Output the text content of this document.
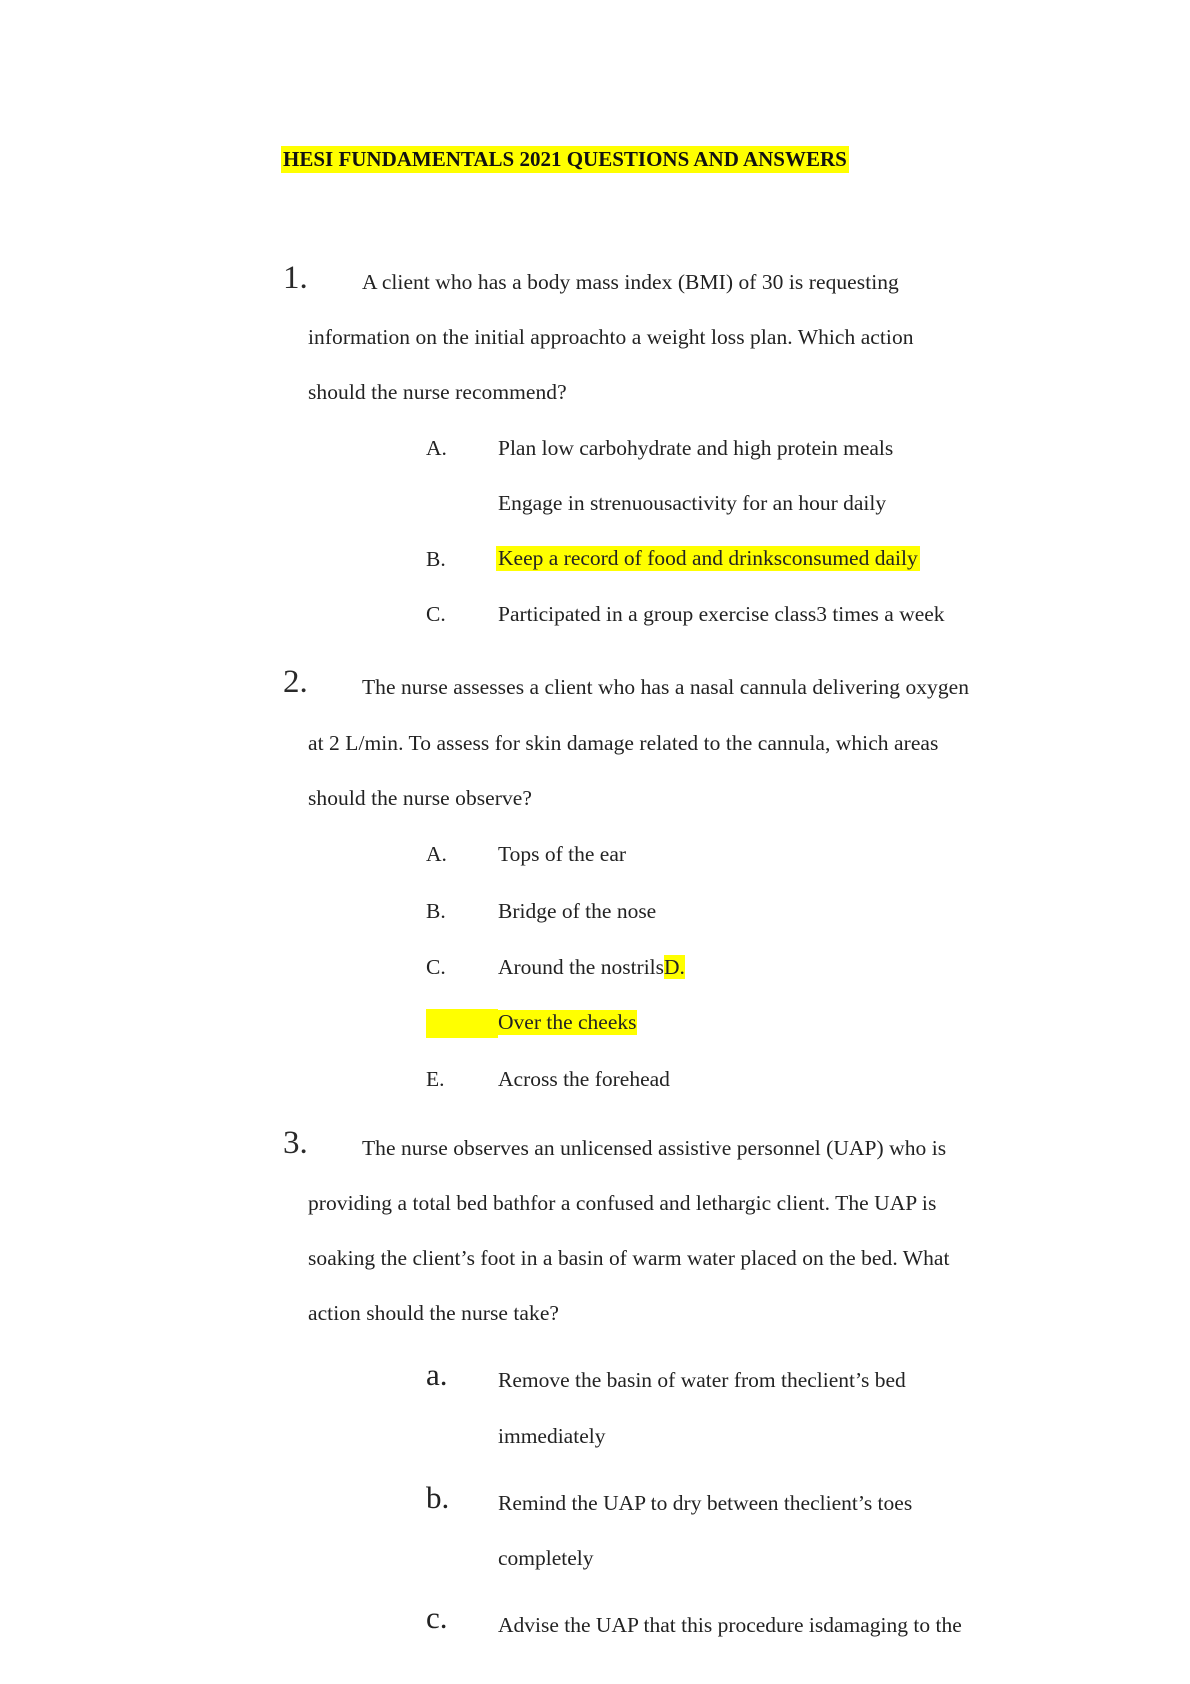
HESI FUNDAMENTALS 2021 QUESTIONS AND ANSWERS
1.	A client who has a body mass index (BMI) of 30 is requesting
information on the initial approachto a weight loss plan. Which action
should the nurse recommend?
A. Plan low carbohydrate and high protein meals
Engage in strenuousactivity for an hour daily
B. Keep a record of food and drinksconsumed daily
C. Participated in a group exercise class3 times a week
2.	The nurse assesses a client who has a nasal cannula delivering oxygen
at 2 L/min. To assess for skin damage related to the cannula, which areas
should the nurse observe?
A. Tops of the ear
B. Bridge of the nose
C. Around the nostrilsD.
Over the cheeks
E. Across the forehead
3.	The nurse observes an unlicensed assistive personnel (UAP) who is
providing a total bed bathfor a confused and lethargic client. The UAP is
soaking the client’s foot in a basin of warm water placed on the bed. What
action should the nurse take?
a. Remove the basin of water from theclient’s bed
immediately
b. Remind the UAP to dry between theclient’s toes
completely
c. Advise the UAP that this procedure isdamaging to the
